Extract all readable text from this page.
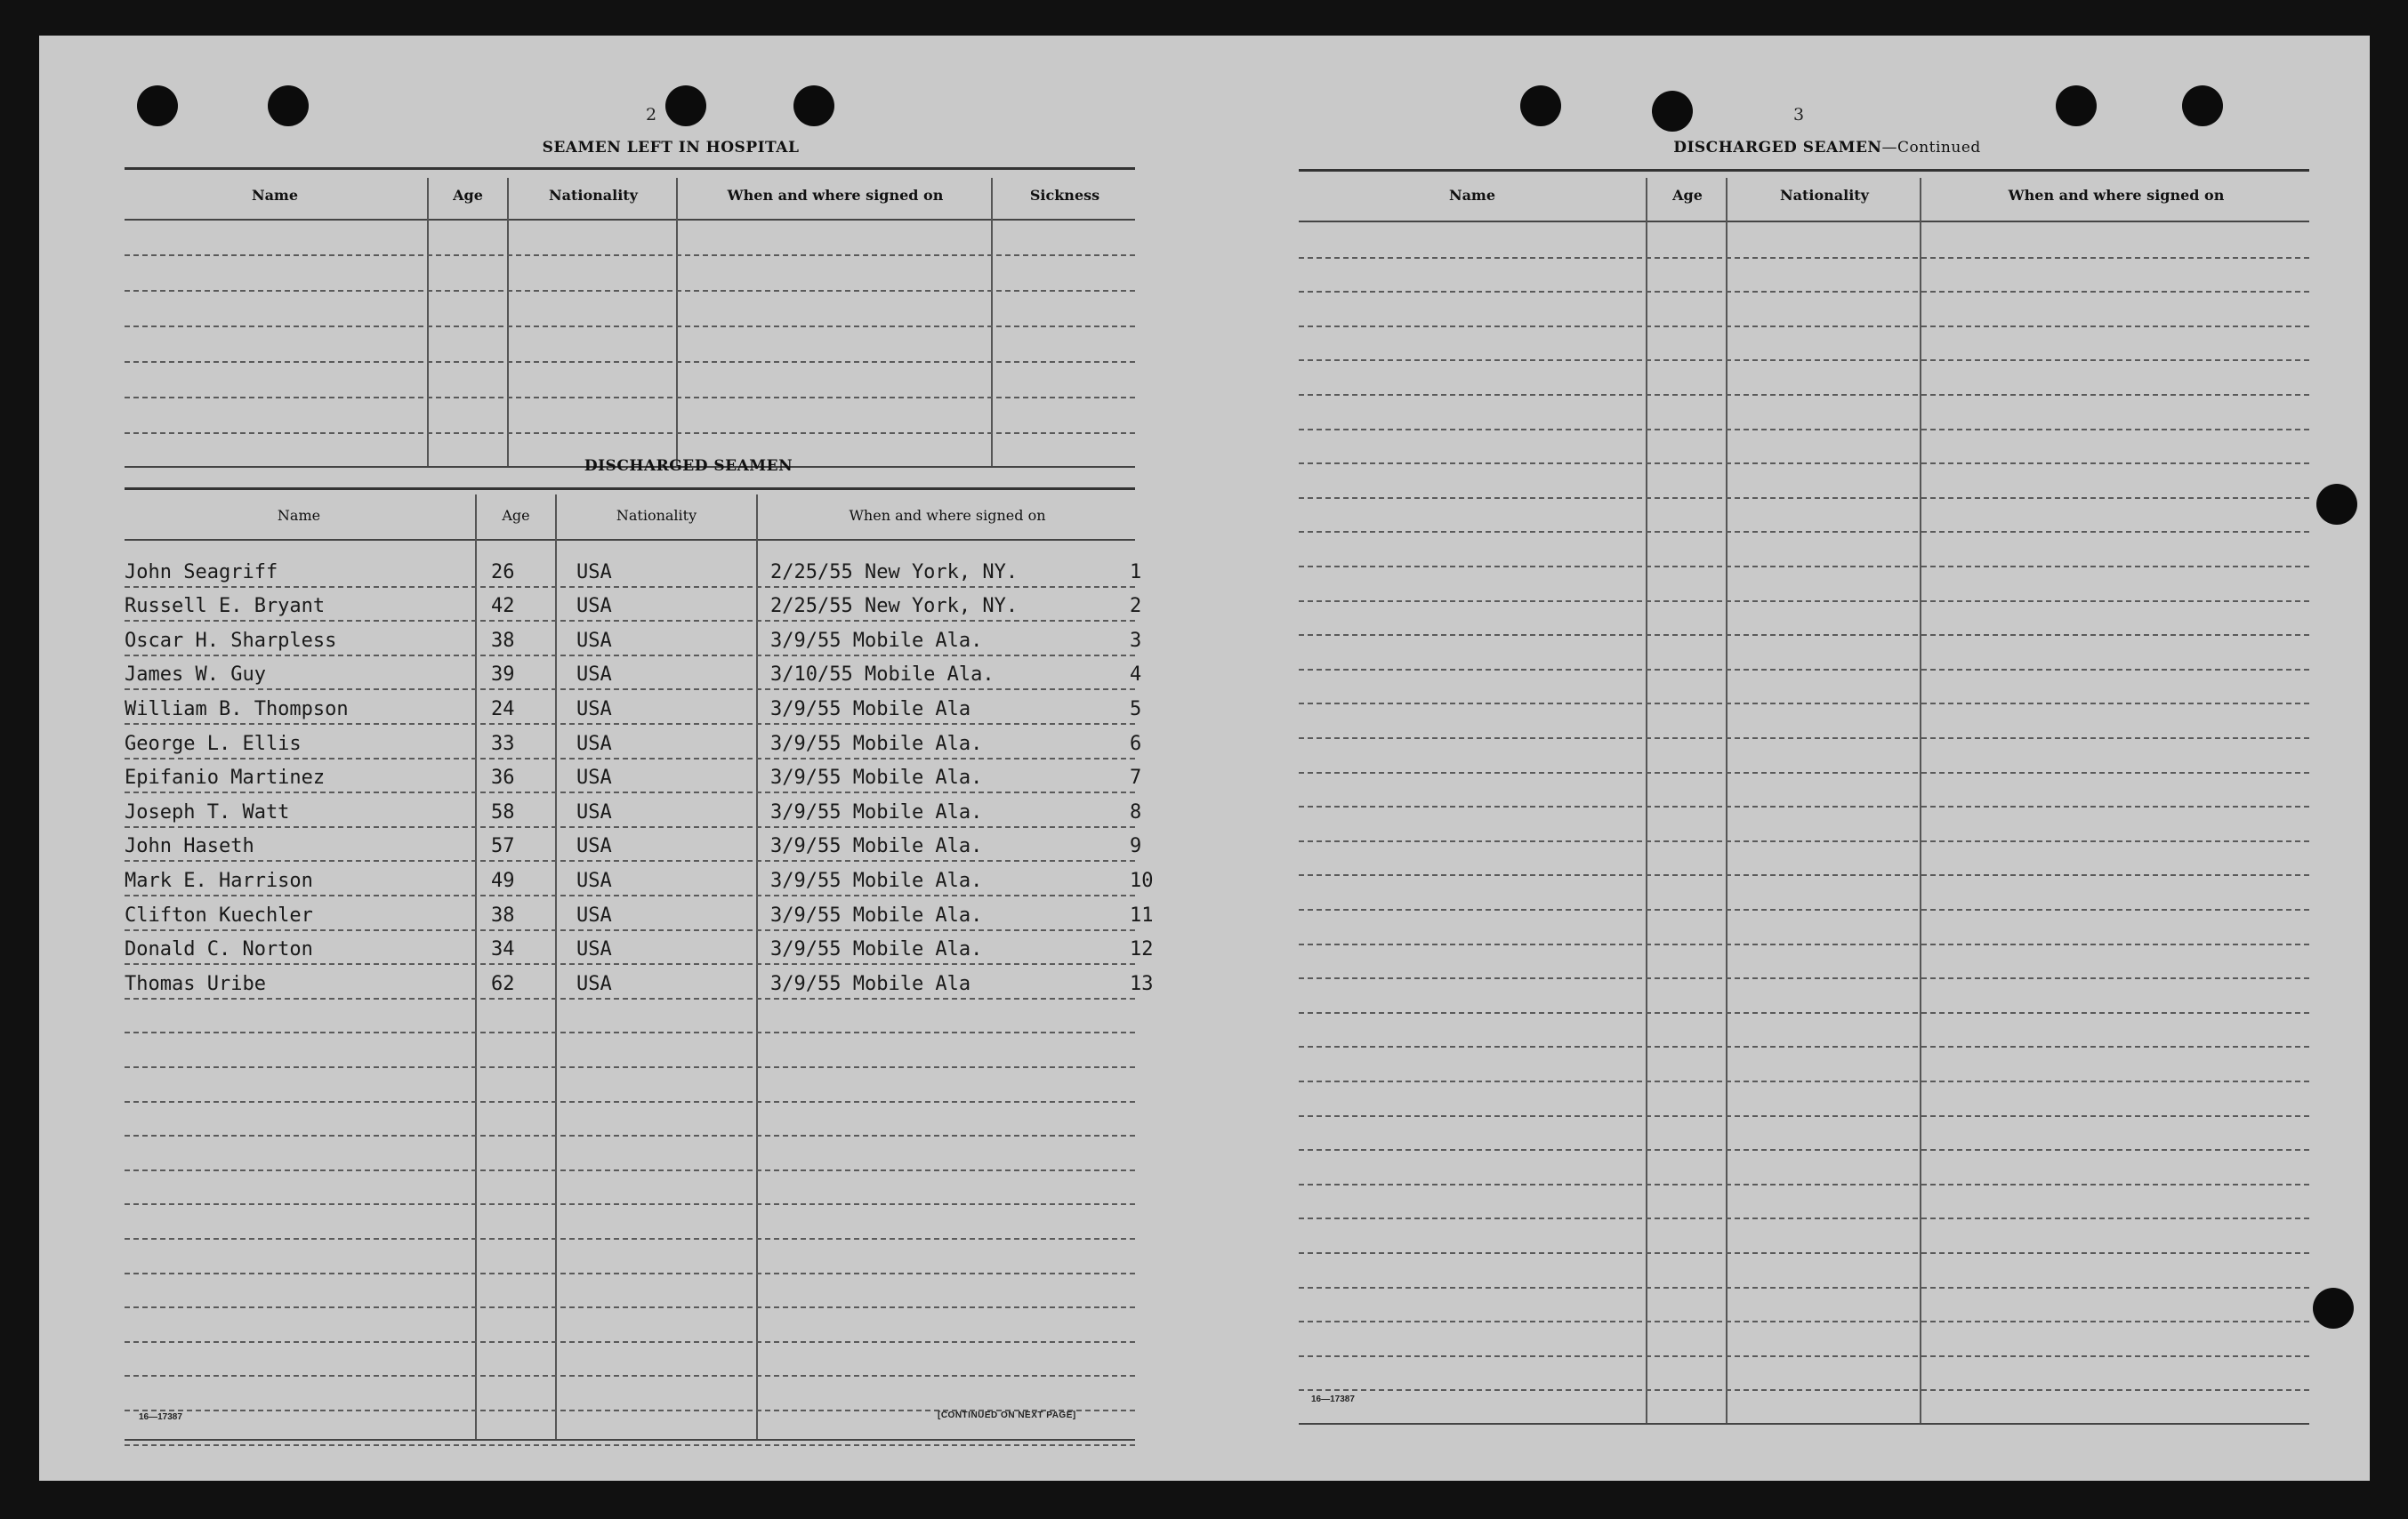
2
SEAMEN LEFT IN HOSPITAL
Name	Age	Nationality	When and where signed on	Sickness
DISCHARGED SEAMEN
Name	Age	Nationality	When and where signed on
John Seagriff	26	USA	2/25/55 New York, NY.	1
Russell E. Bryant	42	USA	2/25/55 New York, NY.	2
Oscar H. Sharpless	38	USA	3/9/55 Mobile Ala.	3
James W. Guy	39	USA	3/10/55 Mobile Ala.	4
William B. Thompson	24	USA	3/9/55 Mobile Ala	5
George L. Ellis	33	USA	3/9/55 Mobile Ala.	6
Epifanio Martinez	36	USA	3/9/55 Mobile Ala.	7
Joseph T. Watt	58	USA	3/9/55 Mobile Ala.	8
John Haseth	57	USA	3/9/55 Mobile Ala.	9
Mark E. Harrison	49	USA	3/9/55 Mobile Ala.	10
Clifton Kuechler	38	USA	3/9/55 Mobile Ala.	11
Donald C. Norton	34	USA	3/9/55 Mobile Ala.	12
Thomas Uribe	62	USA	3/9/55 Mobile Ala	13
16—17387	[CONTINUED ON NEXT PAGE]
3
DISCHARGED SEAMEN—Continued
Name	Age	Nationality	When and where signed on
16—17387
